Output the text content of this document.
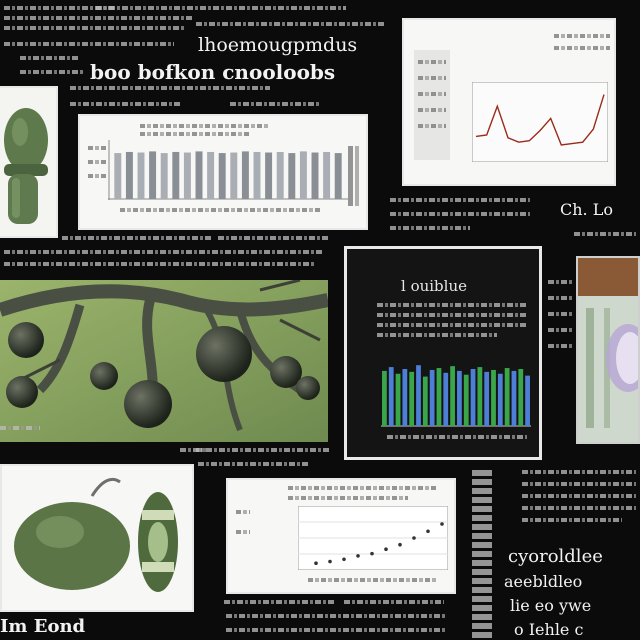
lhoemougpmdus
boo bofkon cnooloobs
Ch. Lo
l ouiblue
Im Eond
cyoroldlee
aeebldleo
lie eo ywe
o Iehle c
